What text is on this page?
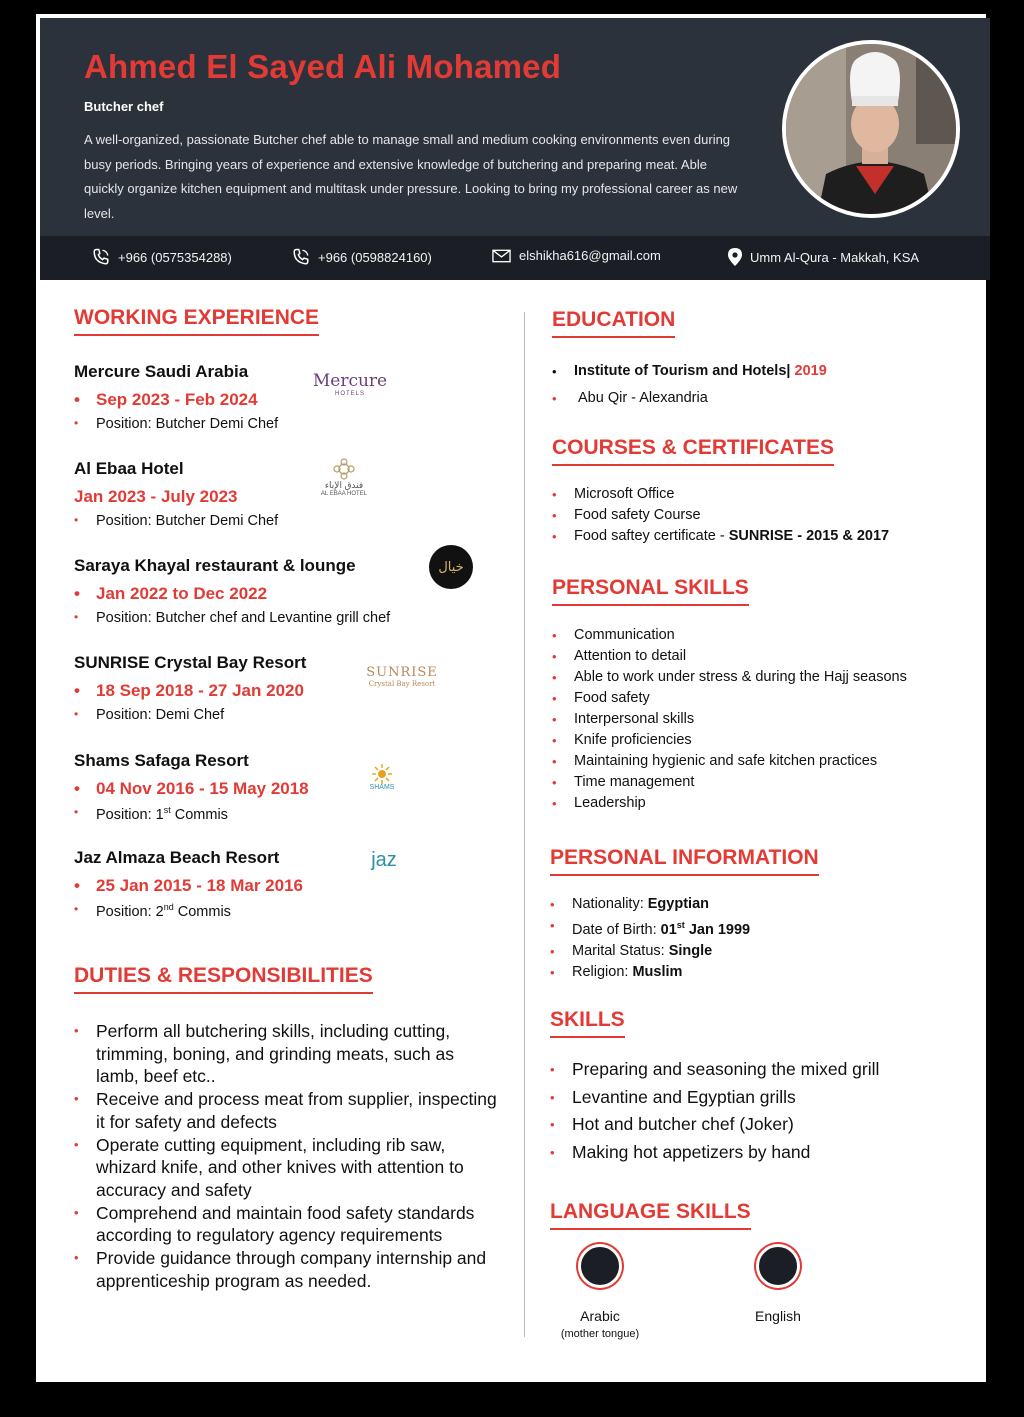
Ahmed El Sayed Ali Mohamed
Butcher chef
A well-organized, passionate Butcher chef able to manage small and medium cooking environments even during busy periods. Bringing years of experience and extensive knowledge of butchering and preparing meat. Able quickly organize kitchen equipment and multitask under pressure. Looking to bring my professional career as new level.
+966 (0575354288)	+966 (0598824160)	elshikha616@gmail.com	Umm Al-Qura - Makkah, KSA
WORKING EXPERIENCE
Mercure Saudi Arabia
• Sep 2023 - Feb 2024
• Position: Butcher Demi Chef
Mercure
HOTELS
Al Ebaa Hotel
Jan 2023 - July 2023
• Position: Butcher Demi Chef
فندق الإباء
AL EBAA HOTEL
Saraya Khayal restaurant & lounge
• Jan 2022 to Dec 2022
• Position: Butcher chef and Levantine grill chef
خيال
SUNRISE Crystal Bay Resort
• 18 Sep 2018 - 27 Jan 2020
• Position: Demi Chef
SUNRISE
Crystal Bay Resort
Shams Safaga Resort
• 04 Nov 2016 - 15 May 2018
• Position: 1st Commis
SHAMS
Jaz Almaza Beach Resort
• 25 Jan 2015 - 18 Mar 2016
• Position: 2nd Commis
jaz
DUTIES & RESPONSIBILITIES
• Perform all butchering skills, including cutting, trimming, boning, and grinding meats, such as lamb, beef etc..
• Receive and process meat from supplier, inspecting it for safety and defects
• Operate cutting equipment, including rib saw, whizard knife, and other knives with attention to accuracy and safety
• Comprehend and maintain food safety standards according to regulatory agency requirements
• Provide guidance through company internship and apprenticeship program as needed.
EDUCATION
• Institute of Tourism and Hotels| 2019
• Abu Qir - Alexandria
COURSES & CERTIFICATES
• Microsoft Office
• Food safety Course
• Food saftey certificate - SUNRISE - 2015 & 2017
PERSONAL SKILLS
• Communication
• Attention to detail
• Able to work under stress & during the Hajj seasons
• Food safety
• Interpersonal skills
• Knife proficiencies
• Maintaining hygienic and safe kitchen practices
• Time management
• Leadership
PERSONAL INFORMATION
• Nationality: Egyptian
• Date of Birth: 01st Jan 1999
• Marital Status: Single
• Religion: Muslim
SKILLS
• Preparing and seasoning the mixed grill
• Levantine and Egyptian grills
• Hot and butcher chef (Joker)
• Making hot appetizers by hand
LANGUAGE SKILLS
Arabic
(mother tongue)
English
